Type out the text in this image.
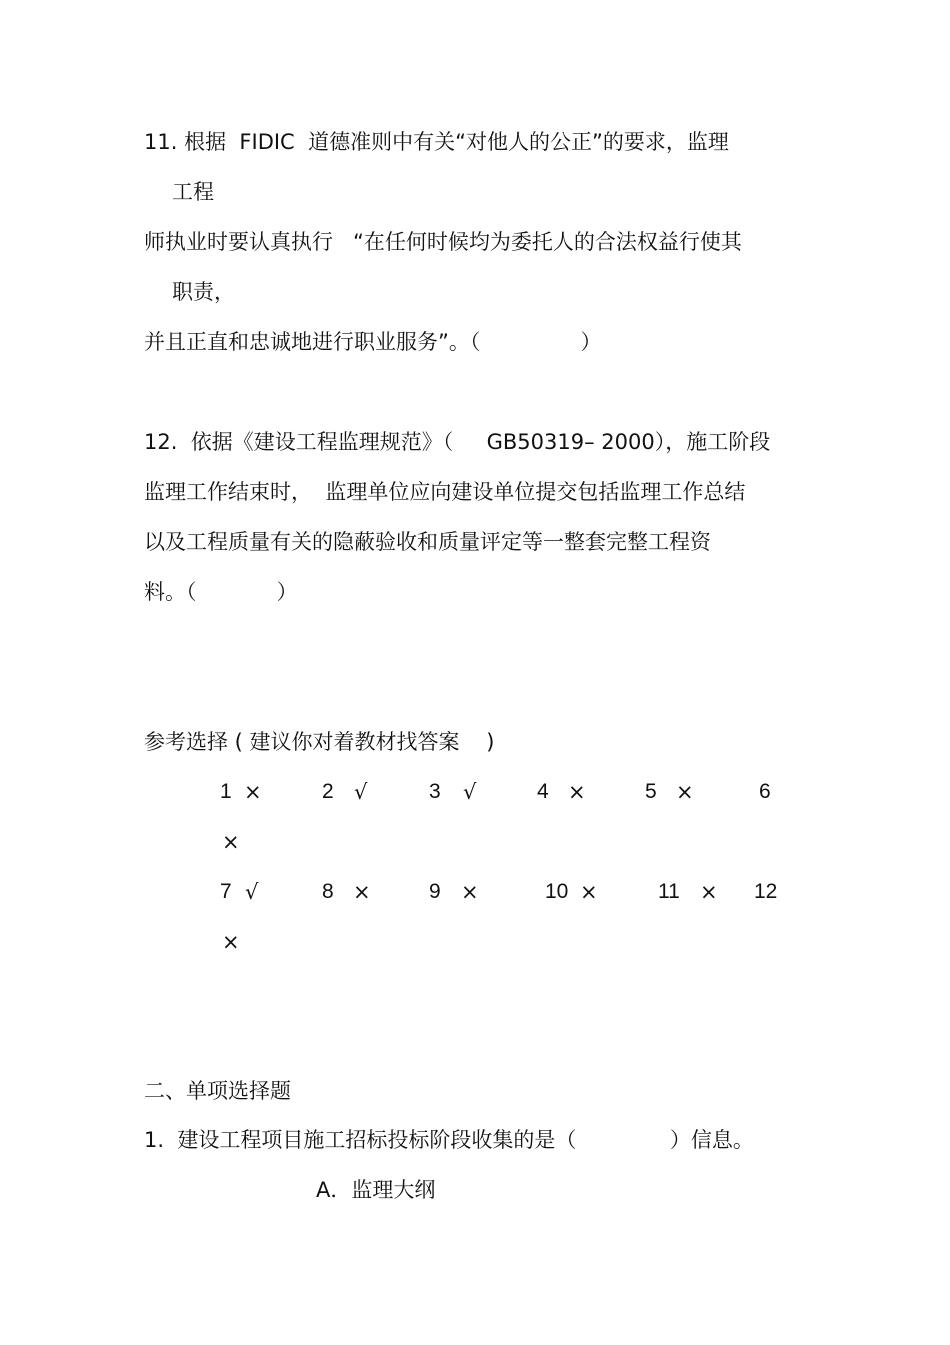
11. 根据  FIDIC  道德准则中有关“对他人的公正”的要求，监理
工程
师执业时要认真执行   “在任何时候均为委托人的合法权益行使其
职责，
并且正直和忠诚地进行职业服务”。（               ）
12.  依据《建设工程监理规范》（     GB50319– 2000），施工阶段
监理工作结束时，  监理单位应向建设单位提交包括监理工作总结
以及工程质量有关的隐蔽验收和质量评定等一整套完整工程资
料。（            ）
参考选择 ( 建议你对着教材找答案    )
1 ×	2 √	3 √	4 ×	5 ×	6
×
7 √	8 ×	9 ×	10 ×	11 × 12
×
二、单项选择题
1.  建设工程项目施工招标投标阶段收集的是（              ）信息。
A．监理大纲
